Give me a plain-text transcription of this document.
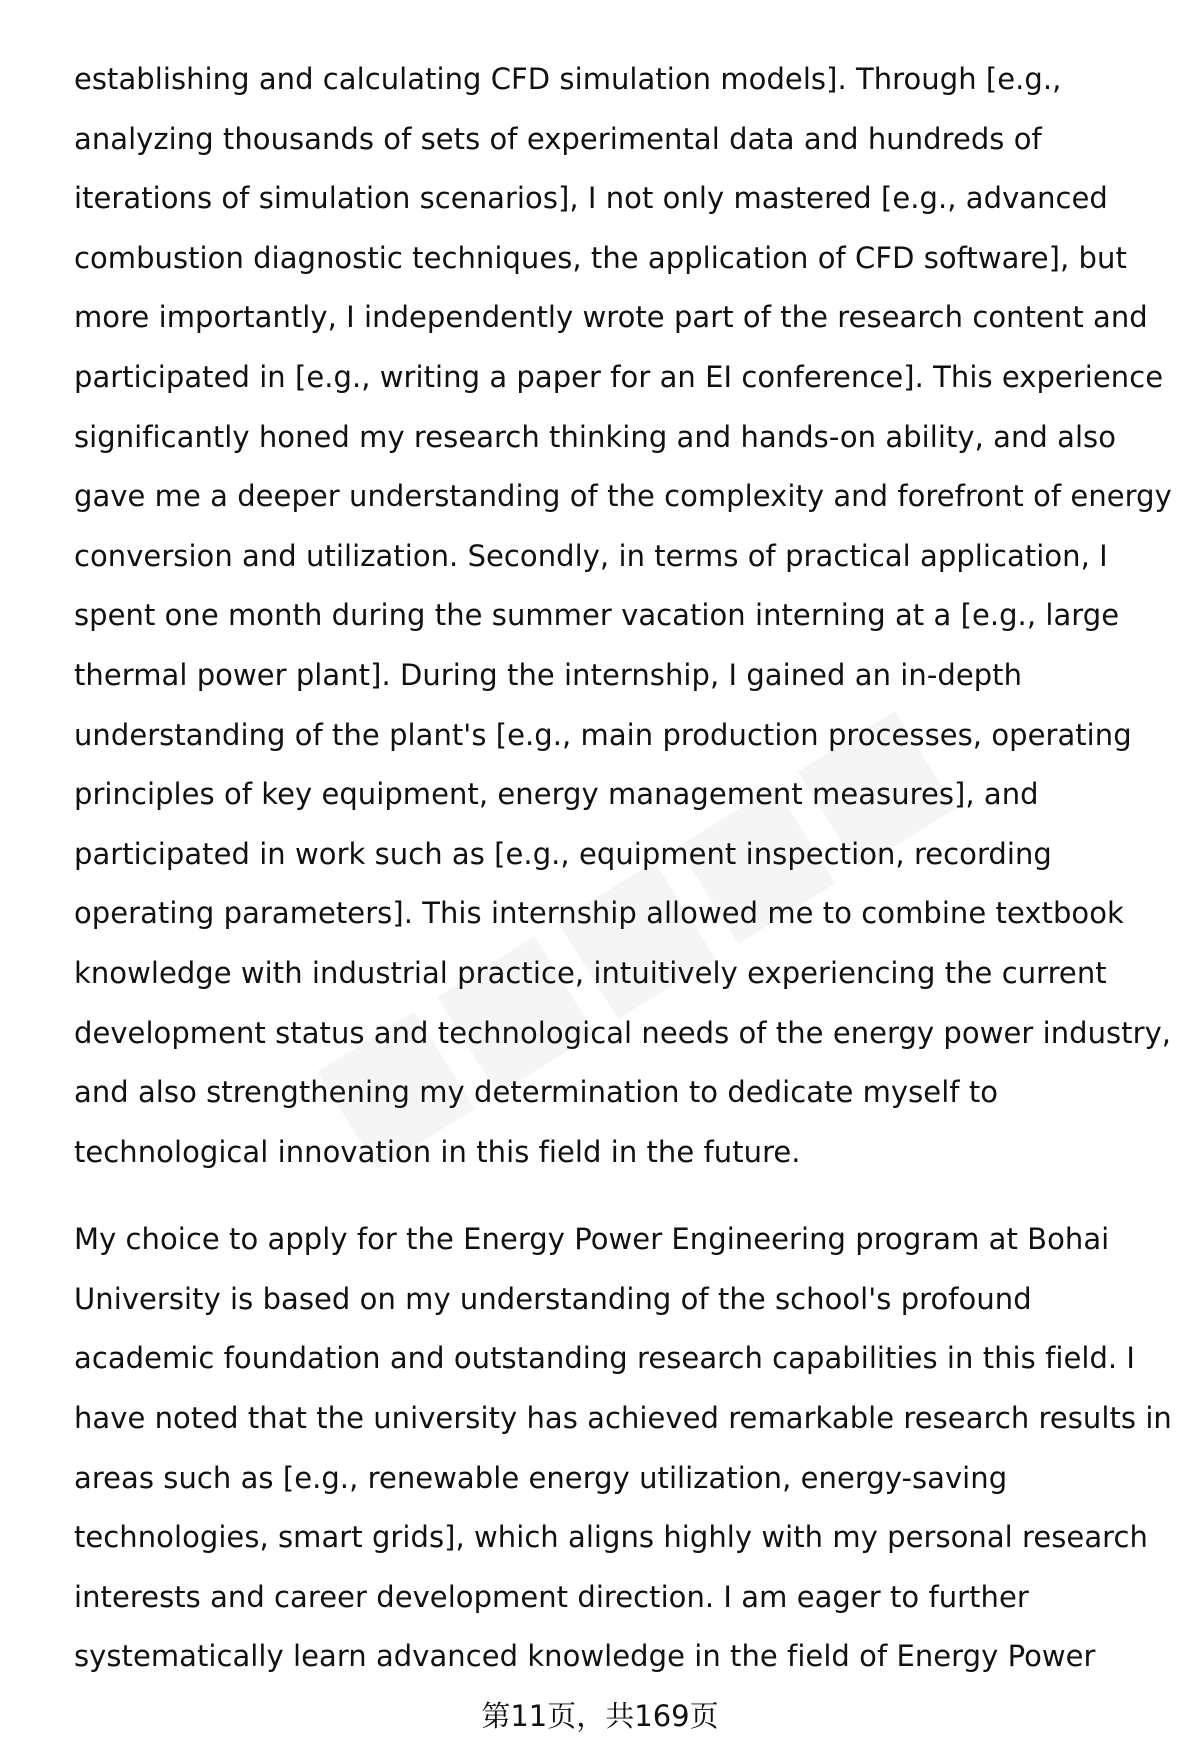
establishing and calculating CFD simulation models]. Through [e.g.,
analyzing thousands of sets of experimental data and hundreds of
iterations of simulation scenarios], I not only mastered [e.g., advanced
combustion diagnostic techniques, the application of CFD software], but
more importantly, I independently wrote part of the research content and
participated in [e.g., writing a paper for an EI conference]. This experience
significantly honed my research thinking and hands-on ability, and also
gave me a deeper understanding of the complexity and forefront of energy
conversion and utilization. Secondly, in terms of practical application, I
spent one month during the summer vacation interning at a [e.g., large
thermal power plant]. During the internship, I gained an in-depth
understanding of the plant's [e.g., main production processes, operating
principles of key equipment, energy management measures], and
participated in work such as [e.g., equipment inspection, recording
operating parameters]. This internship allowed me to combine textbook
knowledge with industrial practice, intuitively experiencing the current
development status and technological needs of the energy power industry,
and also strengthening my determination to dedicate myself to
technological innovation in this field in the future.

My choice to apply for the Energy Power Engineering program at Bohai
University is based on my understanding of the school's profound
academic foundation and outstanding research capabilities in this field. I
have noted that the university has achieved remarkable research results in
areas such as [e.g., renewable energy utilization, energy-saving
technologies, smart grids], which aligns highly with my personal research
interests and career development direction. I am eager to further
systematically learn advanced knowledge in the field of Energy Power

第11页，共169页
